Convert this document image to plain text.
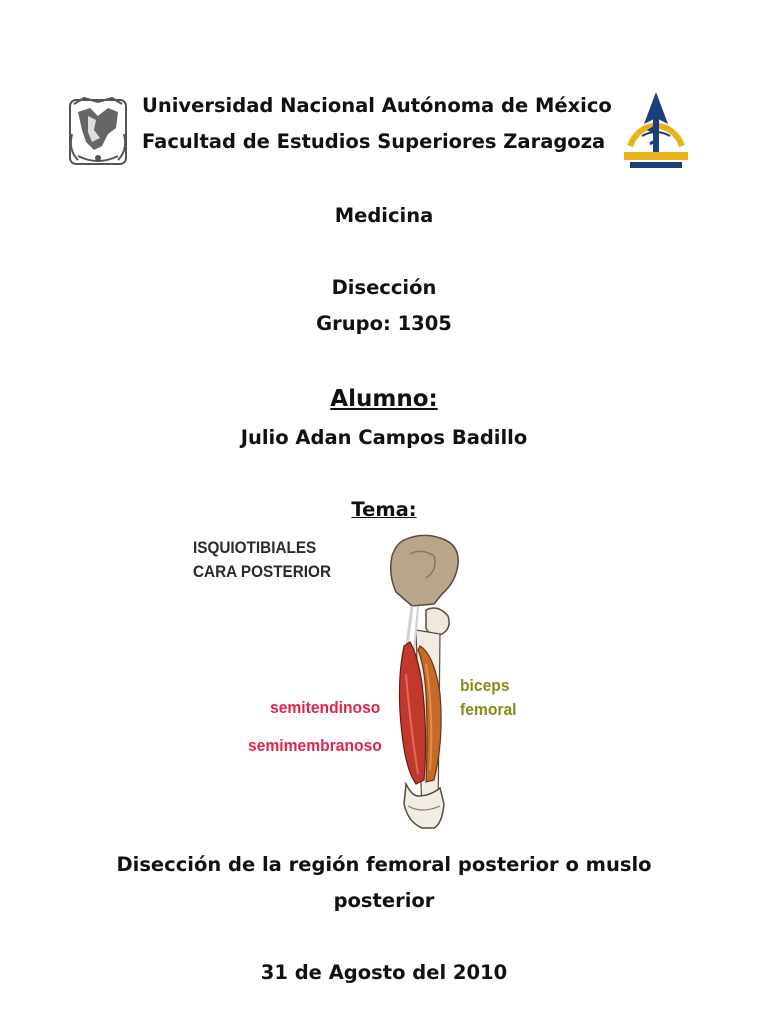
Universidad Nacional Autónoma de México
Facultad de Estudios Superiores Zaragoza
Medicina
Disección
Grupo: 1305
Alumno:
Julio Adan Campos Badillo
Tema:
ISQUIOTIBIALES
CARA POSTERIOR
semitendinoso
semimembranoso
biceps
femoral
Disección de la región femoral posterior o muslo
posterior
31 de Agosto del 2010
